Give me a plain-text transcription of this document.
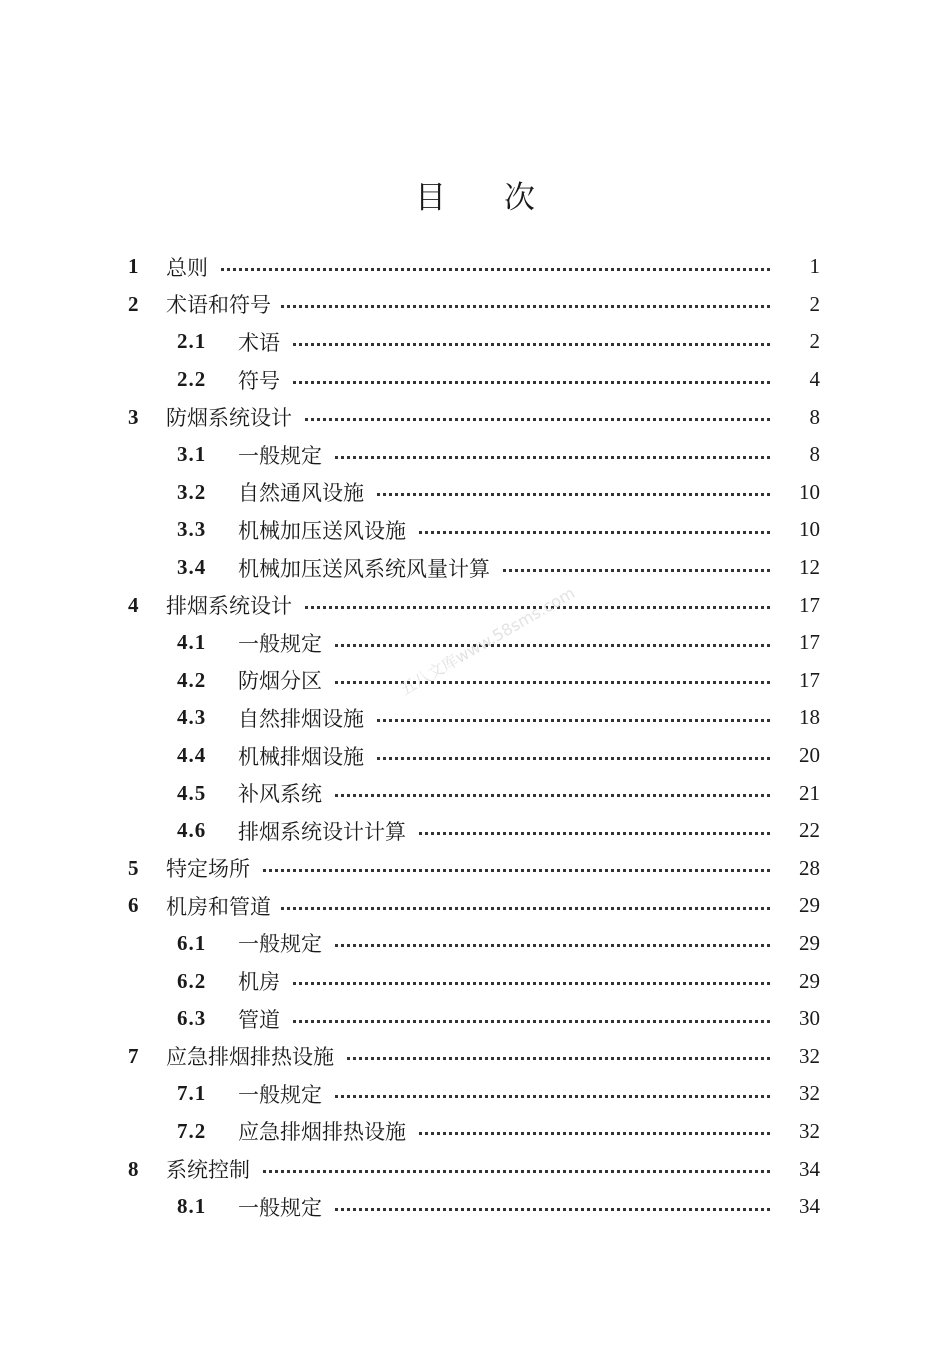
目 次
1 总则	1
2 术语和符号	2
2.1 术语	2
2.2 符号	4
3 防烟系统设计	8
3.1 一般规定	8
3.2 自然通风设施	10
3.3 机械加压送风设施	10
3.4 机械加压送风系统风量计算	12
4 排烟系统设计	17
4.1 一般规定	17
4.2 防烟分区	17
4.3 自然排烟设施	18
4.4 机械排烟设施	20
4.5 补风系统	21
4.6 排烟系统设计计算	22
5 特定场所	28
6 机房和管道	29
6.1 一般规定	29
6.2 机房	29
6.3 管道	30
7 应急排烟排热设施	32
7.1 一般规定	32
7.2 应急排烟排热设施	32
8 系统控制	34
8.1 一般规定	34
五八文库www.58sms.com
